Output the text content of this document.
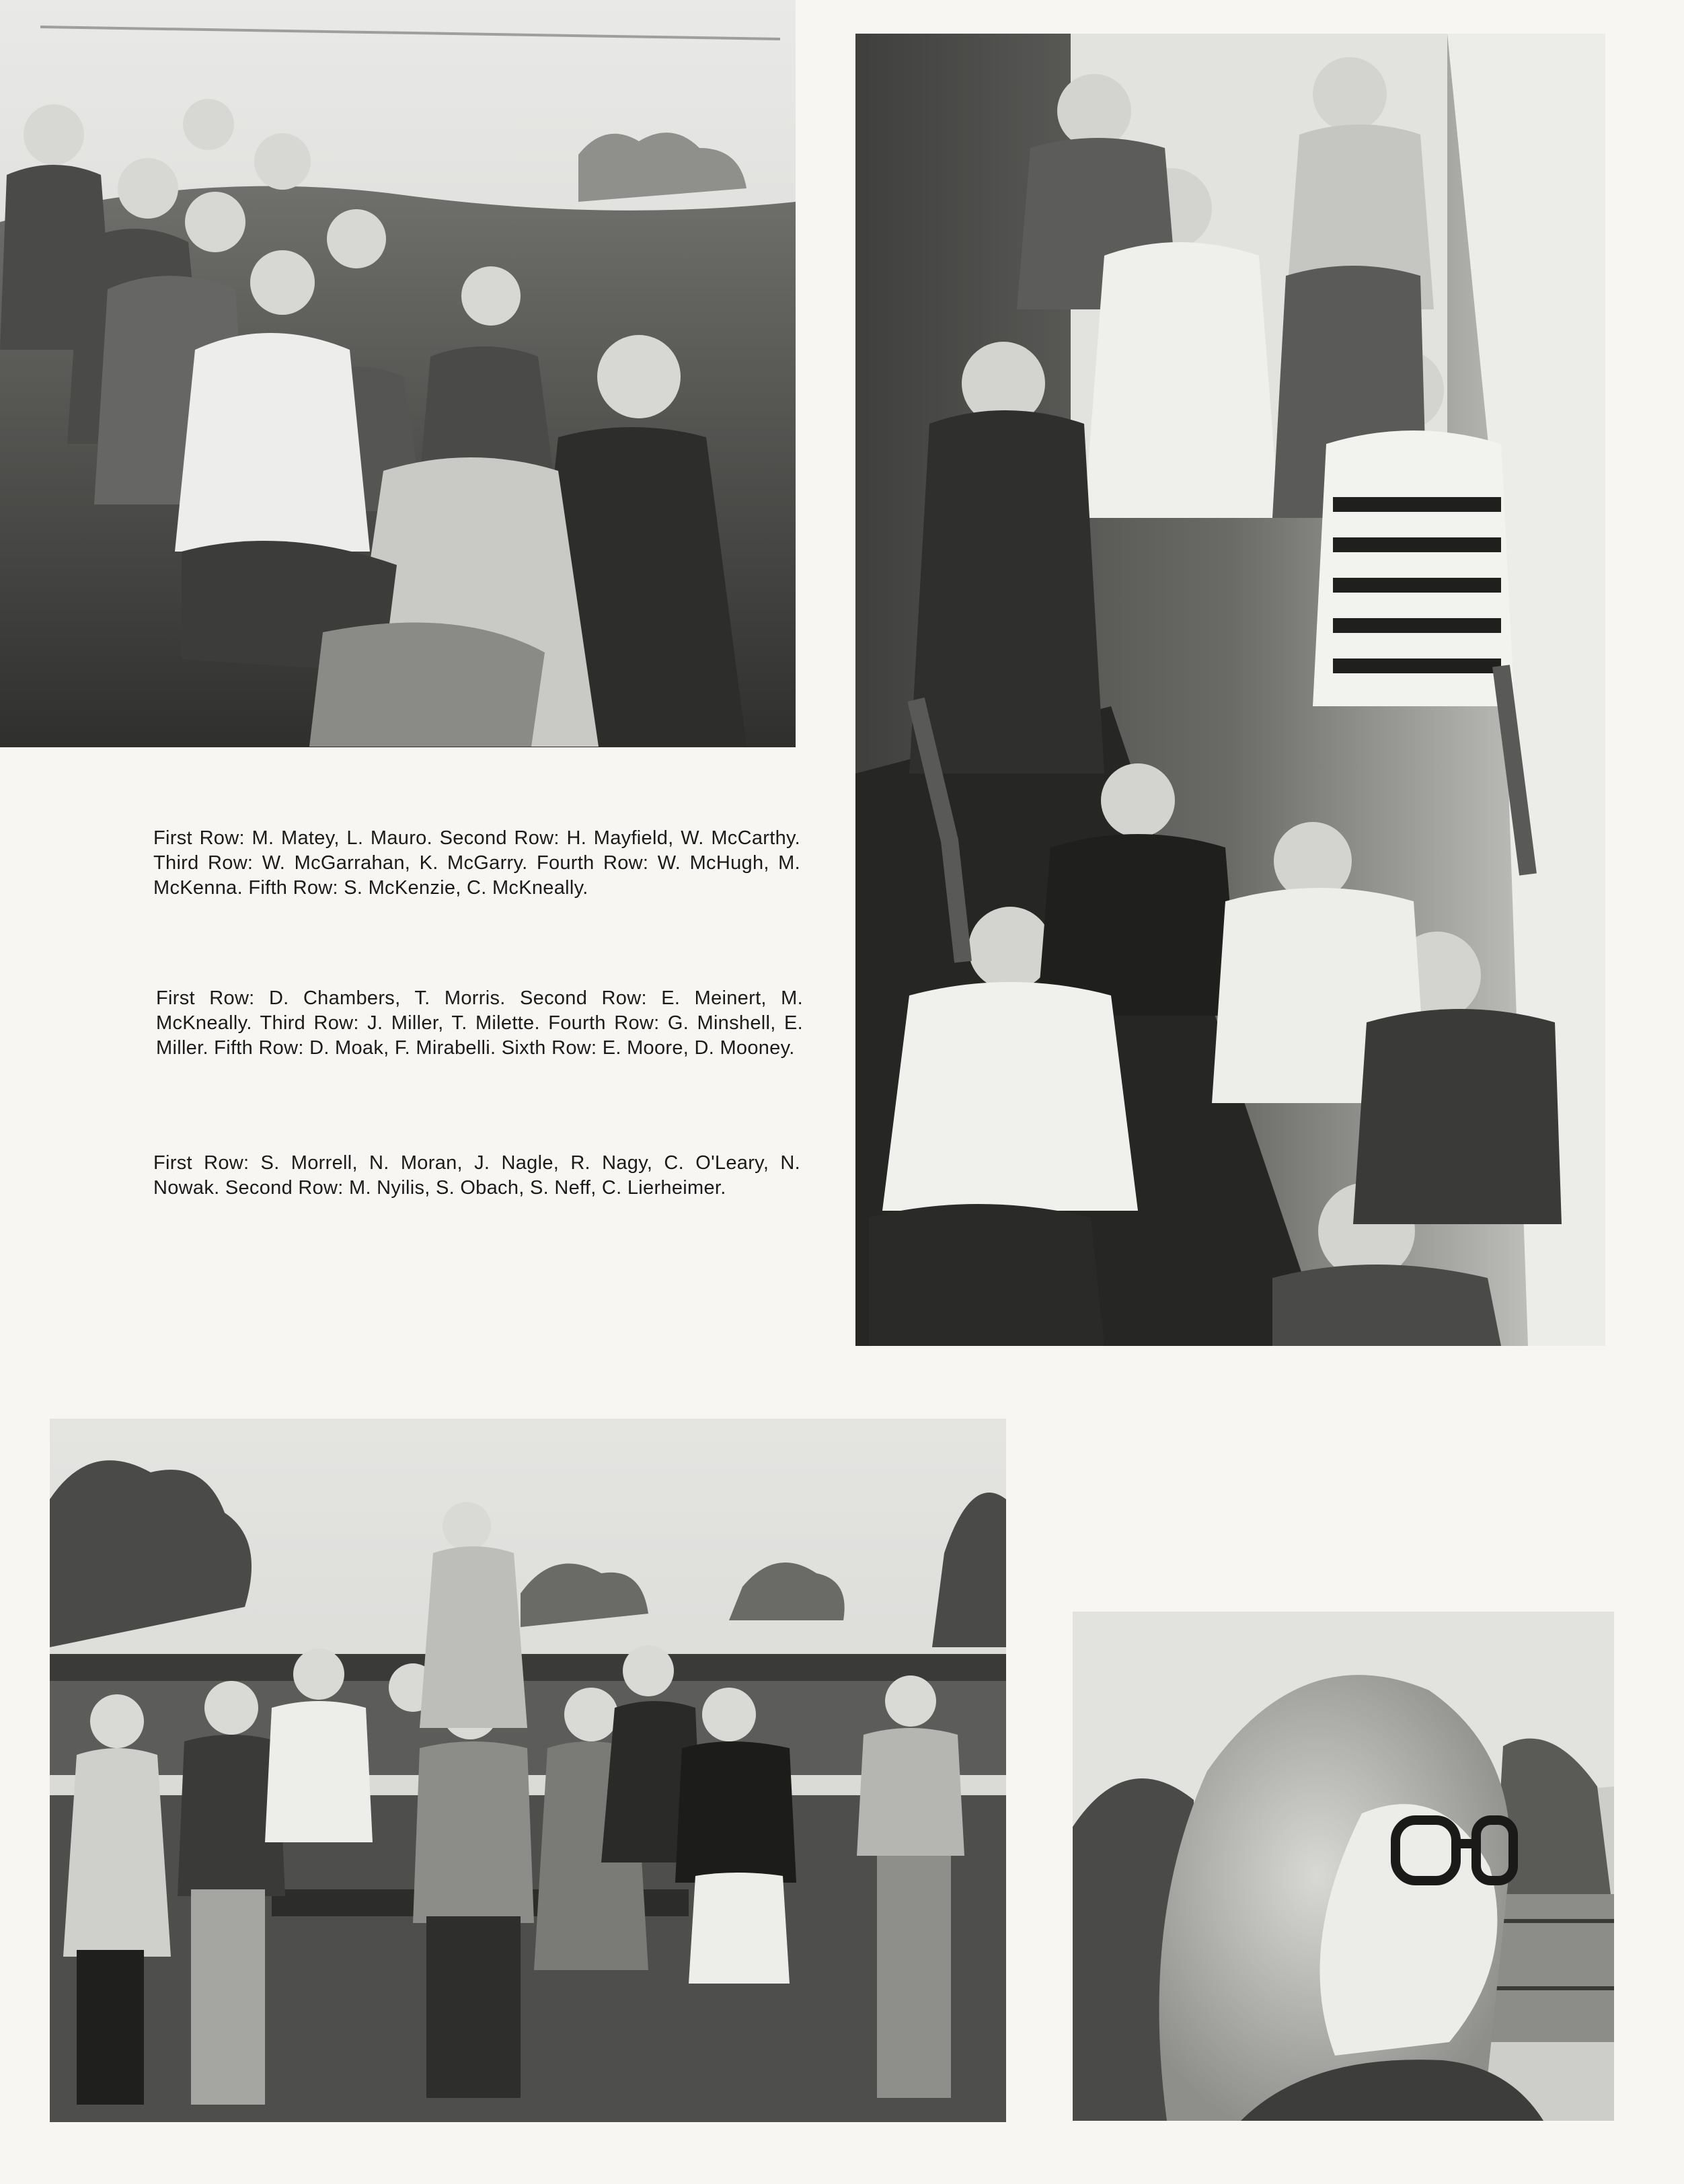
First Row: M. Matey, L. Mauro. Second Row: H. Mayfield, W. McCarthy. Third Row: W. McGarrahan, K. McGarry. Fourth Row: W. McHugh, M. McKenna. Fifth Row: S. McKenzie, C. McKneally.

First Row: D. Chambers, T. Morris. Second Row: E. Meinert, M. McKneally. Third Row: J. Miller, T. Milette. Fourth Row: G. Minshell, E. Miller. Fifth Row: D. Moak, F. Mirabelli. Sixth Row: E. Moore, D. Mooney.

First Row: S. Morrell, N. Moran, J. Nagle, R. Nagy, C. O'Leary, N. Nowak. Second Row: M. Nyilis, S. Obach, S. Neff, C. Lierheimer.
